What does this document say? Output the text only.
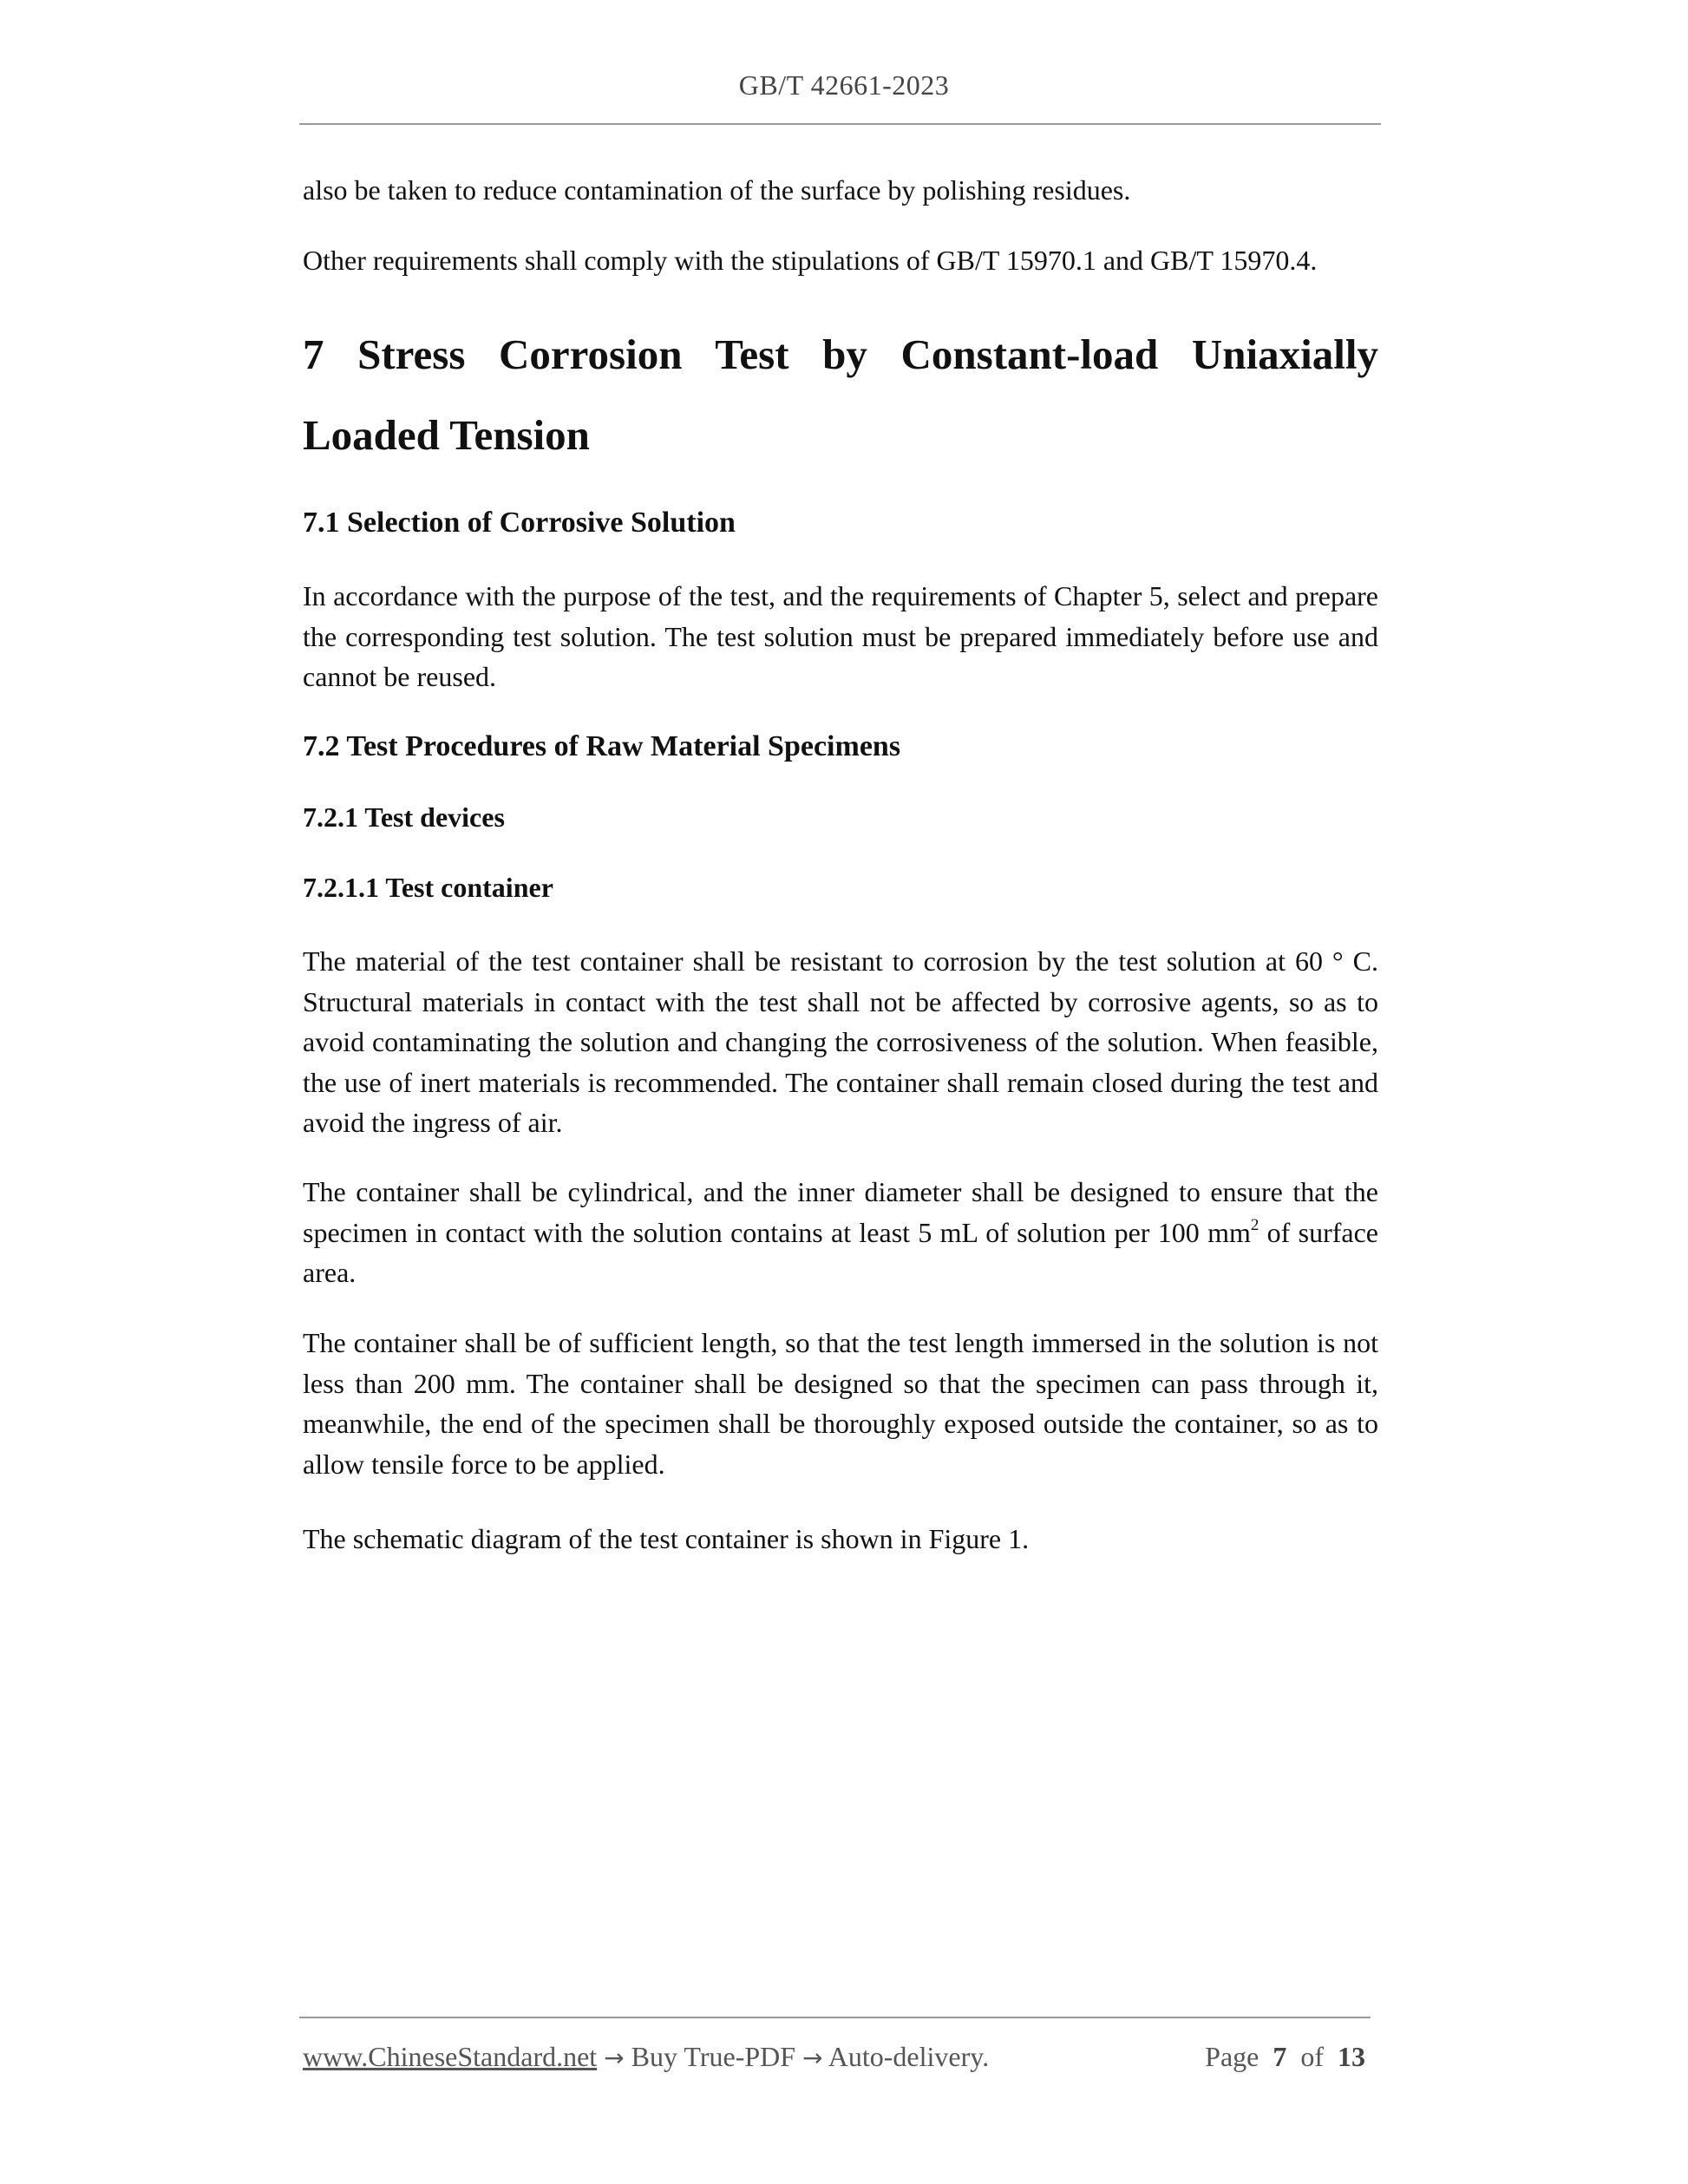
GB/T 42661-2023

also be taken to reduce contamination of the surface by polishing residues.

Other requirements shall comply with the stipulations of GB/T 15970.1 and GB/T 15970.4.

7 Stress Corrosion Test by Constant-load Uniaxially Loaded Tension
7.1 Selection of Corrosive Solution

In accordance with the purpose of the test, and the requirements of Chapter 5, select and prepare the corresponding test solution. The test solution must be prepared immediately before use and cannot be reused.

7.2 Test Procedures of Raw Material Specimens
7.2.1 Test devices
7.2.1.1 Test container

The material of the test container shall be resistant to corrosion by the test solution at 60 ° C. Structural materials in contact with the test shall not be affected by corrosive agents, so as to avoid contaminating the solution and changing the corrosiveness of the solution. When feasible, the use of inert materials is recommended. The container shall remain closed during the test and avoid the ingress of air.

The container shall be cylindrical, and the inner diameter shall be designed to ensure that the specimen in contact with the solution contains at least 5 mL of solution per 100 $mm^2$ of surface area.

The container shall be of sufficient length, so that the test length immersed in the solution is not less than 200 mm. The container shall be designed so that the specimen can pass through it, meanwhile, the end of the specimen shall be thoroughly exposed outside the container, so as to allow tensile force to be applied.

The schematic diagram of the test container is shown in Figure 1.

www.ChineseStandard.net → Buy True-PDF → Auto-delivery.	Page 7 of 13
